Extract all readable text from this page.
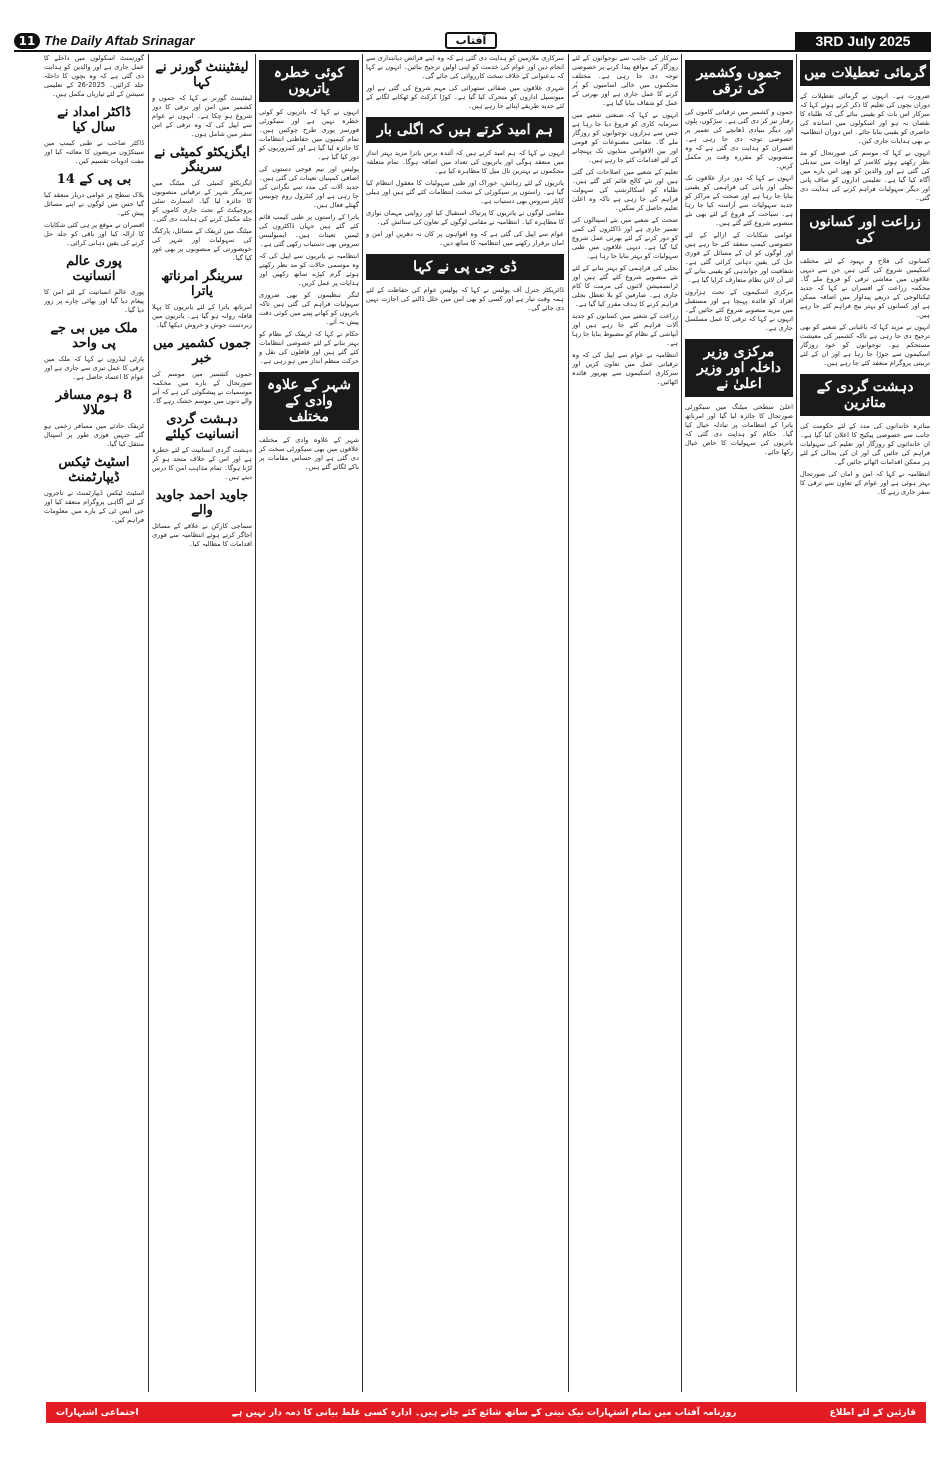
11 The Daily Aftab Srinagar	آفتاب	3RD July 2025
گرمائی تعطیلات میں
ضرورت ہے۔ انہوں نے گرمائی تعطیلات کے دوران بچوں کی تعلیم کا ذکر کرتے ہوئے کہا کہ سرکار اس بات کو یقینی بنائے گی کہ طلباء کا نقصان نہ ہو اور اسکولوں میں اساتذہ کی حاضری کو یقینی بنایا جائے۔ اس دوران انتظامیہ نے بھی ہدایات جاری کیں۔
انہوں نے کہا کہ موسم کی صورتحال کو مد نظر رکھتے ہوئے کلاسز کے اوقات میں تبدیلی کی گئی ہے اور والدین کو بھی اس بارے میں آگاہ کیا گیا ہے۔ تعلیمی اداروں کو صاف پانی اور دیگر سہولیات فراہم کرنے کی ہدایت دی گئی۔
زراعت اور کسانوں کی
کسانوں کی فلاح و بہبود کے لئے مختلف اسکیمیں شروع کی گئی ہیں جن سے دیہی علاقوں میں معاشی ترقی کو فروغ ملے گا۔ محکمہ زراعت کے افسران نے کہا کہ جدید ٹیکنالوجی کے ذریعے پیداوار میں اضافہ ممکن ہے اور کسانوں کو بہتر بیج فراہم کئے جا رہے ہیں۔
انہوں نے مزید کہا کہ باغبانی کے شعبے کو بھی ترجیح دی جا رہی ہے تاکہ کشمیر کی معیشت مستحکم ہو۔ نوجوانوں کو خود روزگار اسکیموں سے جوڑا جا رہا ہے اور ان کے لئے تربیتی پروگرام منعقد کئے جا رہے ہیں۔
دہشت گردی کے متاثرین
متاثرہ خاندانوں کی مدد کے لئے حکومت کی جانب سے خصوصی پیکیج کا اعلان کیا گیا ہے۔ ان خاندانوں کو روزگار اور تعلیم کی سہولیات فراہم کی جائیں گی اور ان کی بحالی کے لئے ہر ممکن اقدامات اٹھائے جائیں گے۔
انتظامیہ نے کہا کہ امن و امان کی صورتحال بہتر ہوئی ہے اور عوام کے تعاون سے ترقی کا سفر جاری رہے گا۔
جموں وکشمیر کی ترقی
جموں و کشمیر میں ترقیاتی کاموں کی رفتار تیز کر دی گئی ہے۔ سڑکوں، پلوں اور دیگر بنیادی ڈھانچے کی تعمیر پر خصوصی توجہ دی جا رہی ہے۔ افسران کو ہدایت دی گئی ہے کہ وہ منصوبوں کو مقررہ وقت پر مکمل کریں۔
انہوں نے کہا کہ دور دراز علاقوں تک بجلی اور پانی کی فراہمی کو یقینی بنایا جا رہا ہے اور صحت کے مراکز کو جدید سہولیات سے آراستہ کیا جا رہا ہے۔ سیاحت کے فروغ کے لئے بھی نئے منصوبے شروع کئے گئے ہیں۔
عوامی شکایات کے ازالے کے لئے خصوصی کیمپ منعقد کئے جا رہے ہیں اور لوگوں کو ان کے مسائل کے فوری حل کی یقین دہانی کرائی گئی ہے۔ شفافیت اور جوابدہی کو یقینی بنانے کے لئے آن لائن نظام متعارف کرایا گیا ہے۔
مرکزی اسکیموں کے تحت ہزاروں افراد کو فائدہ پہنچا ہے اور مستقبل میں مزید منصوبے شروع کئے جائیں گے۔ انہوں نے کہا کہ ترقی کا عمل مسلسل جاری ہے۔
مرکزی وزیر داخلہ اور وزیر اعلیٰ نے
اعلیٰ سطحی میٹنگ میں سیکورٹی صورتحال کا جائزہ لیا گیا اور امرناتھ یاترا کے انتظامات پر تبادلہ خیال کیا گیا۔ حکام کو ہدایت دی گئی کہ یاتریوں کی سہولیات کا خاص خیال رکھا جائے۔
سرکار کی جانب سے نوجوانوں کے لئے روزگار کے مواقع پیدا کرنے پر خصوصی توجہ دی جا رہی ہے۔ مختلف محکموں میں خالی اسامیوں کو پُر کرنے کا عمل جاری ہے اور بھرتی کے عمل کو شفاف بنایا گیا ہے۔
انہوں نے کہا کہ صنعتی شعبے میں سرمایہ کاری کو فروغ دیا جا رہا ہے جس سے ہزاروں نوجوانوں کو روزگار ملے گا۔ مقامی مصنوعات کو قومی اور بین الاقوامی منڈیوں تک پہنچانے کے لئے اقدامات کئے جا رہے ہیں۔
تعلیم کے شعبے میں اصلاحات کی گئی ہیں اور نئے کالج قائم کئے گئے ہیں۔ طلباء کو اسکالرشپ کی سہولت فراہم کی جا رہی ہے تاکہ وہ اعلیٰ تعلیم حاصل کر سکیں۔
صحت کے شعبے میں نئے اسپتالوں کی تعمیر جاری ہے اور ڈاکٹروں کی کمی کو دور کرنے کے لئے بھرتی عمل شروع کیا گیا ہے۔ دیہی علاقوں میں طبی سہولیات کو بہتر بنایا جا رہا ہے۔
بجلی کی فراہمی کو بہتر بنانے کے لئے نئے منصوبے شروع کئے گئے ہیں اور ٹرانسمیشن لائنوں کی مرمت کا کام جاری ہے۔ صارفین کو بلا تعطل بجلی فراہم کرنے کا ہدف مقرر کیا گیا ہے۔
زراعت کے شعبے میں کسانوں کو جدید آلات فراہم کئے جا رہے ہیں اور آبپاشی کے نظام کو مضبوط بنایا جا رہا ہے۔
انتظامیہ نے عوام سے اپیل کی کہ وہ ترقیاتی عمل میں تعاون کریں اور سرکاری اسکیموں سے بھرپور فائدہ اٹھائیں۔
سرکاری ملازمین کو ہدایت دی گئی ہے کہ وہ اپنے فرائض دیانتداری سے انجام دیں اور عوام کی خدمت کو اپنی اولین ترجیح بنائیں۔ انہوں نے کہا کہ بدعنوانی کے خلاف سخت کارروائی کی جائے گی۔
شہری علاقوں میں صفائی ستھرائی کی مہم شروع کی گئی ہے اور میونسپل اداروں کو متحرک کیا گیا ہے۔ کوڑا کرکٹ کو ٹھکانے لگانے کے لئے جدید طریقے اپنائے جا رہے ہیں۔
ہم امید کرتے ہیں کہ اگلی بار
انہوں نے کہا کہ ہم امید کرتے ہیں کہ آئندہ برس یاترا مزید بہتر انداز میں منعقد ہوگی اور یاتریوں کی تعداد میں اضافہ ہوگا۔ تمام متعلقہ محکموں نے بہترین تال میل کا مظاہرہ کیا ہے۔
یاتریوں کے لئے رہائش، خوراک اور طبی سہولیات کا معقول انتظام کیا گیا ہے۔ راستوں پر سیکورٹی کے سخت انتظامات کئے گئے ہیں اور ہیلی کاپٹر سروس بھی دستیاب ہے۔
مقامی لوگوں نے یاتریوں کا پرتپاک استقبال کیا اور روایتی مہمان نوازی کا مظاہرہ کیا۔ انتظامیہ نے مقامی لوگوں کے تعاون کی ستائش کی۔
عوام سے اپیل کی گئی ہے کہ وہ افواہوں پر کان نہ دھریں اور امن و امان برقرار رکھنے میں انتظامیہ کا ساتھ دیں۔
ڈی جی پی نے کہا
ڈائریکٹر جنرل آف پولیس نے کہا کہ پولیس عوام کی حفاظت کے لئے ہمہ وقت تیار ہے اور کسی کو بھی امن میں خلل ڈالنے کی اجازت نہیں دی جائے گی۔
کوئی خطرہ یاتریوں
انہوں نے کہا کہ یاتریوں کو کوئی خطرہ نہیں ہے اور سیکورٹی فورسز پوری طرح چوکس ہیں۔ تمام کیمپوں میں حفاظتی انتظامات کا جائزہ لیا گیا ہے اور کمزوریوں کو دور کیا گیا ہے۔
پولیس اور نیم فوجی دستوں کی اضافی کمپنیاں تعینات کی گئی ہیں۔ جدید آلات کی مدد سے نگرانی کی جا رہی ہے اور کنٹرول روم چوبیس گھنٹے فعال ہیں۔
یاترا کے راستوں پر طبی کیمپ قائم کئے گئے ہیں جہاں ڈاکٹروں کی ٹیمیں تعینات ہیں۔ ایمبولینس سروس بھی دستیاب رکھی گئی ہے۔
انتظامیہ نے یاتریوں سے اپیل کی کہ وہ موسمی حالات کو مد نظر رکھتے ہوئے گرم کپڑے ساتھ رکھیں اور ہدایات پر عمل کریں۔
لنگر تنظیموں کو بھی ضروری سہولیات فراہم کی گئی ہیں تاکہ یاتریوں کو کھانے پینے میں کوئی دقت پیش نہ آئے۔
حکام نے کہا کہ ٹریفک کے نظام کو بہتر بنانے کے لئے خصوصی انتظامات کئے گئے ہیں اور قافلوں کی نقل و حرکت منظم انداز میں ہو رہی ہے۔
شہر کے علاوہ وادی کے مختلف
شہر کے علاوہ وادی کے مختلف علاقوں میں بھی سیکورٹی سخت کر دی گئی ہے اور حساس مقامات پر ناکے لگائے گئے ہیں۔
لیفٹیننٹ گورنر نے کہا
لیفٹیننٹ گورنر نے کہا کہ جموں و کشمیر میں امن اور ترقی کا دور شروع ہو چکا ہے۔ انہوں نے عوام سے اپیل کی کہ وہ ترقی کے اس سفر میں شامل ہوں۔
ایگزیکٹو کمیٹی نے سرینگر
ایگزیکٹو کمیٹی کی میٹنگ میں سرینگر شہر کے ترقیاتی منصوبوں کا جائزہ لیا گیا۔ اسمارٹ سٹی پروجیکٹ کے تحت جاری کاموں کو جلد مکمل کرنے کی ہدایت دی گئی۔
میٹنگ میں ٹریفک کے مسائل، پارکنگ کی سہولیات اور شہر کی خوبصورتی کے منصوبوں پر بھی غور کیا گیا۔
سرینگر امرناتھ یاترا
امرناتھ یاترا کے لئے یاتریوں کا پہلا قافلہ روانہ ہو گیا ہے۔ یاتریوں میں زبردست جوش و خروش دیکھا گیا۔
جموں کشمیر میں خبر
جموں کشمیر میں موسم کی صورتحال کے بارے میں محکمہ موسمیات نے پیشگوئی کی ہے کہ آنے والے دنوں میں موسم خشک رہے گا۔
دہشت گردی انسانیت کیلئے
دہشت گردی انسانیت کے لئے خطرہ ہے اور اس کے خلاف متحد ہو کر لڑنا ہوگا۔ تمام مذاہب امن کا درس دیتے ہیں۔
جاوید احمد جاوید والے
سماجی کارکن نے علاقے کے مسائل اجاگر کرتے ہوئے انتظامیہ سے فوری اقدامات کا مطالبہ کیا۔
گورنمنٹ اسکولوں میں داخلے کا عمل جاری ہے اور والدین کو ہدایت دی گئی ہے کہ وہ بچوں کا داخلہ جلد کرائیں۔ 2025-26 کے تعلیمی سیشن کے لئے تیاریاں مکمل ہیں۔
ڈاکٹر امداد نے سال کیا
ڈاکٹر صاحب نے طبی کیمپ میں سینکڑوں مریضوں کا معائنہ کیا اور مفت ادویات تقسیم کیں۔
بی پی کے 14
بلاک سطح پر عوامی دربار منعقد کیا گیا جس میں لوگوں نے اپنے مسائل پیش کئے۔
افسران نے موقع پر ہی کئی شکایات کا ازالہ کیا اور باقی کو جلد حل کرنے کی یقین دہانی کرائی۔
پوری عالم انسانیت
پوری عالم انسانیت کے لئے امن کا پیغام دیا گیا اور بھائی چارے پر زور دیا گیا۔
ملک میں بی جے پی واحد
پارٹی لیڈروں نے کہا کہ ملک میں ترقی کا عمل تیزی سے جاری ہے اور عوام کا اعتماد حاصل ہے۔
8 ہوم مسافر ملالا
ٹریفک حادثے میں مسافر زخمی ہو گئے جنہیں فوری طور پر اسپتال منتقل کیا گیا۔
اسٹیٹ ٹیکس ڈیپارٹمنٹ
اسٹیٹ ٹیکس ڈیپارٹمنٹ نے تاجروں کے لئے آگاہی پروگرام منعقد کیا اور جی ایس ٹی کے بارے میں معلومات فراہم کیں۔
قارئین کے لئے اطلاع
روزنامہ آفتاب میں تمام اشتہارات نیک نیتی کے ساتھ شائع کئے جاتے ہیں۔ ادارہ کسی غلط بیانی کا ذمہ دار نہیں ہے
اجتماعی اشتہارات
